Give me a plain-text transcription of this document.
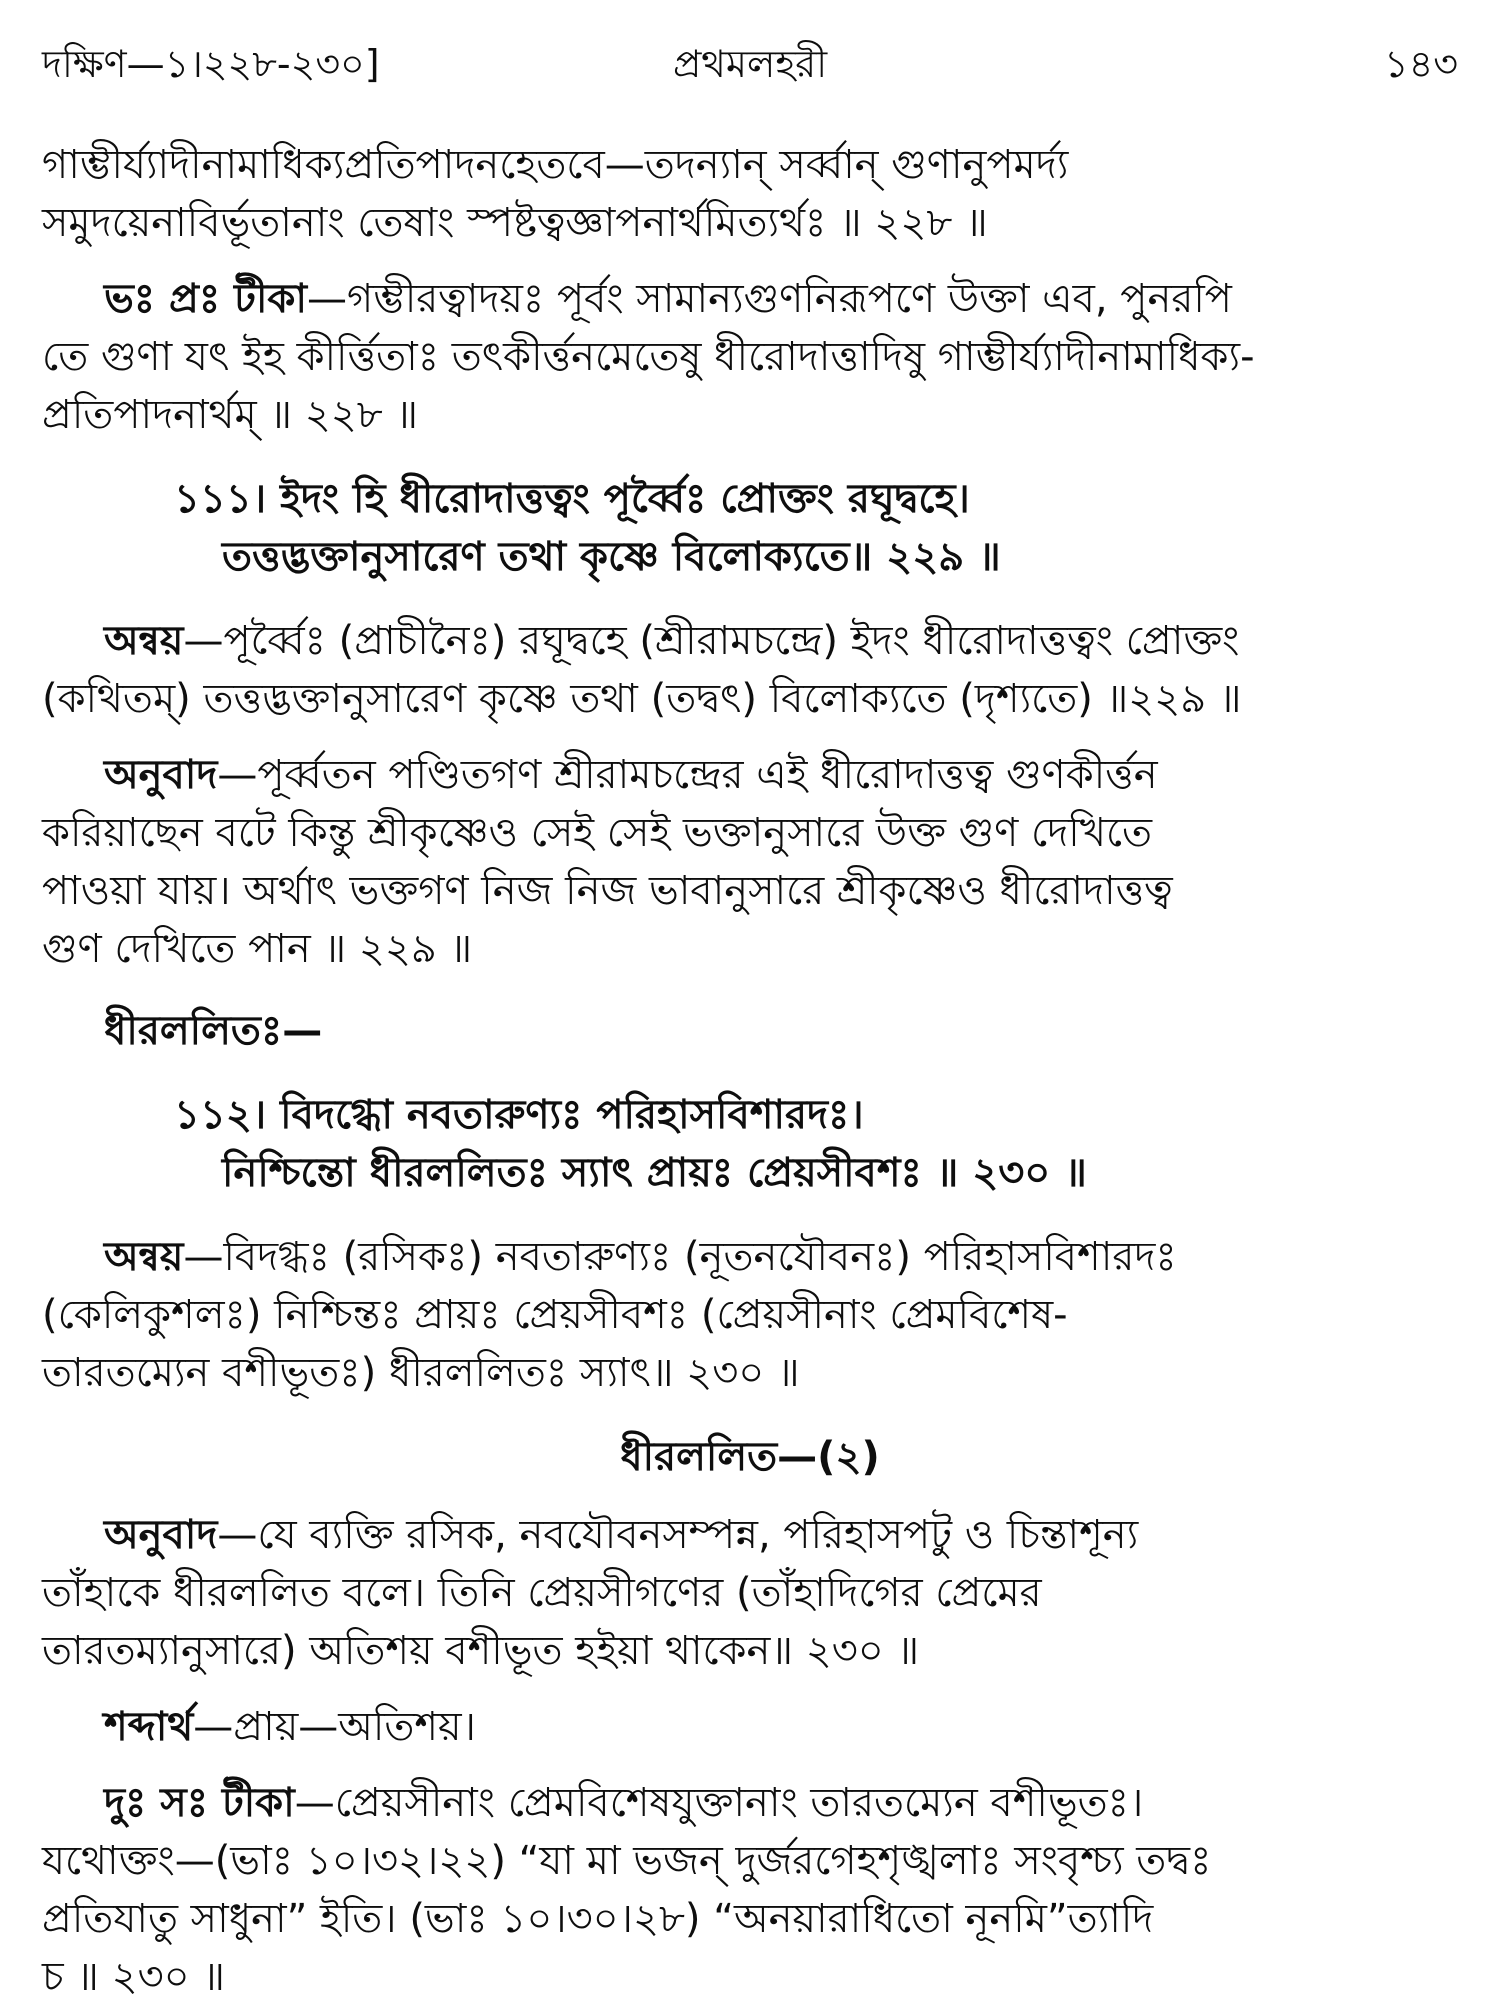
দক্ষিণ—১।২২৮-২৩০]	প্রথমলহরী	১৪৩
গাম্ভীর্য্যাদীনামাধিক্যপ্রতিপাদনহেতবে—তদন্যান্ সর্ব্বান্ গুণানুপমর্দ্য
সমুদয়েনাবির্ভূতানাং তেষাং স্পষ্টত্বজ্ঞাপনার্থমিত্যর্থঃ ॥ ২২৮ ॥
ভঃ প্রঃ টীকা—গম্ভীরত্বাদয়ঃ পূর্বং সামান্যগুণনিরূপণে উক্তা এব, পুনরপি
তে গুণা যৎ ইহ কীর্ত্তিতাঃ তৎকীর্ত্তনমেতেষু ধীরোদাত্তাদিষু গাম্ভীর্য্যাদীনামাধিক্য-
প্রতিপাদনার্থম্‌ ॥ ২২৮ ॥
১১১। ইদং হি ধীরোদাত্তত্বং পূর্ব্বৈঃ প্রোক্তং রঘূদ্বহে।
তত্তদ্ভক্তানুসারেণ তথা কৃষ্ণে বিলোক্যতে॥ ২২৯ ॥
অন্বয়—পূর্ব্বৈঃ (প্রাচীনৈঃ) রঘূদ্বহে (শ্রীরামচন্দ্রে) ইদং ধীরোদাত্তত্বং প্রোক্তং
(কথিতম্‌) তত্তদ্ভক্তানুসারেণ কৃষ্ণে তথা (তদ্বৎ) বিলোক্যতে (দৃশ্যতে) ॥২২৯ ॥
অনুবাদ—পূর্ব্বতন পণ্ডিতগণ শ্রীরামচন্দ্রের এই ধীরোদাত্তত্ব গুণকীর্ত্তন
করিয়াছেন বটে কিন্তু শ্রীকৃষ্ণেও সেই সেই ভক্তানুসারে উক্ত গুণ দেখিতে
পাওয়া যায়। অর্থাৎ ভক্তগণ নিজ নিজ ভাবানুসারে শ্রীকৃষ্ণেও ধীরোদাত্তত্ব
গুণ দেখিতে পান ॥ ২২৯ ॥
ধীরললিতঃ—
১১২। বিদগ্ধো নবতারুণ্যঃ পরিহাসবিশারদঃ।
নিশ্চিন্তো ধীরললিতঃ স্যাৎ প্রায়ঃ প্রেয়সীবশঃ ॥ ২৩০ ॥
অন্বয়—বিদগ্ধঃ (রসিকঃ) নবতারুণ্যঃ (নূতনযৌবনঃ) পরিহাসবিশারদঃ
(কেলিকুশলঃ) নিশ্চিন্তঃ প্রায়ঃ প্রেয়সীবশঃ (প্রেয়সীনাং প্রেমবিশেষ-
তারতম্যেন বশীভূতঃ) ধীরললিতঃ স্যাৎ॥ ২৩০ ॥
ধীরললিত—(২)
অনুবাদ—যে ব্যক্তি রসিক, নবযৌবনসম্পন্ন, পরিহাসপটু ও চিন্তাশূন্য
তাঁহাকে ধীরললিত বলে। তিনি প্রেয়সীগণের (তাঁহাদিগের প্রেমের
তারতম্যানুসারে) অতিশয় বশীভূত হইয়া থাকেন॥ ২৩০ ॥
শব্দার্থ—প্রায়—অতিশয়।
দুঃ সঃ টীকা—প্রেয়সীনাং প্রেমবিশেষযুক্তানাং তারতম্যেন বশীভূতঃ।
যথোক্তং—(ভাঃ ১০।৩২।২২) “যা মা ভজন্‌ দুর্জরগেহশৃঙ্খলাঃ সংবৃশ্চ্য তদ্বঃ
প্রতিযাতু সাধুনা” ইতি। (ভাঃ ১০।৩০।২৮) “অনয়ারাধিতো নূনমি”ত্যাদি
চ ॥ ২৩০ ॥
